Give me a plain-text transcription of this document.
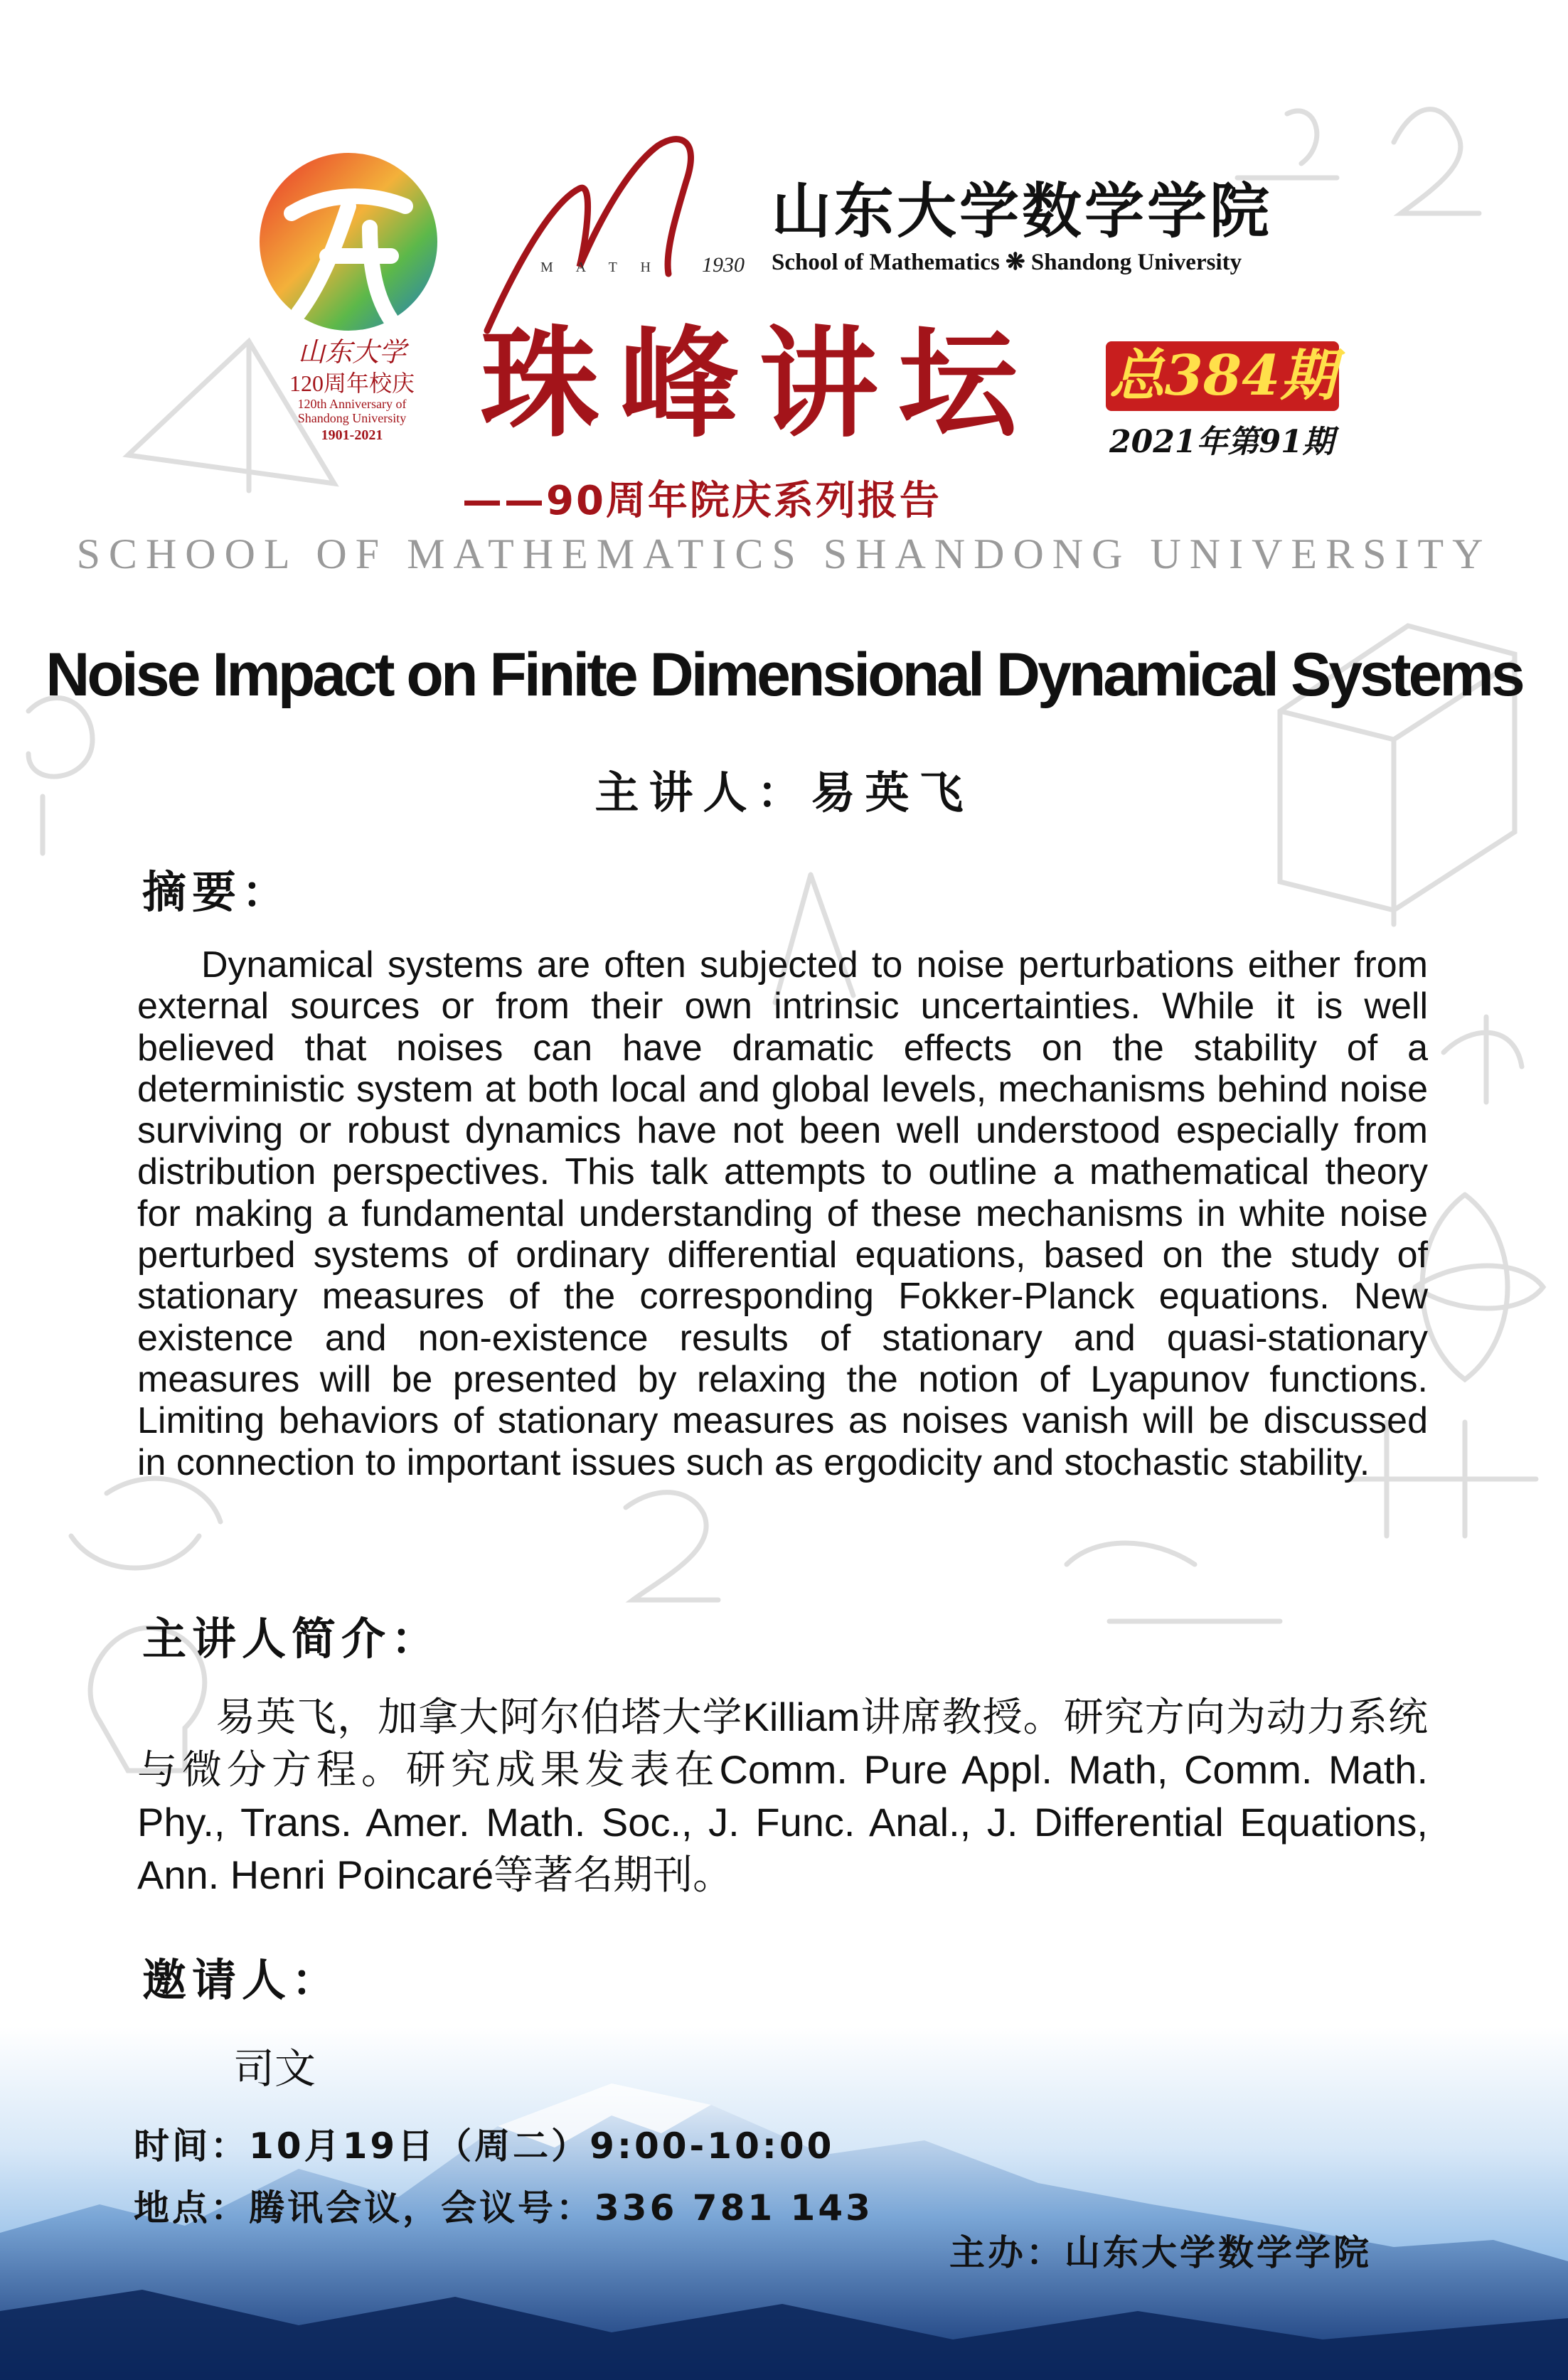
山东大学
120周年校庆
120th Anniversary of
Shandong University
1901-2021
M A T H 1930
山东大学数学学院
School of Mathematics ❋ Shandong University
珠峰讲坛 总384期
2021年第91期
——90周年院庆系列报告
SCHOOL OF MATHEMATICS SHANDONG UNIVERSITY
Noise Impact on Finite Dimensional Dynamical Systems
主讲人：易英飞
摘要：
Dynamical systems are often subjected to noise perturbations either from external sources or from their own intrinsic uncertainties. While it is well believed that noises can have dramatic effects on the stability of a deterministic system at both local and global levels, mechanisms behind noise surviving or robust dynamics have not been well understood especially from distribution perspectives. This talk attempts to outline a mathematical theory for making a fundamental understanding of these mechanisms in white noise perturbed systems of ordinary differential equations, based on the study of stationary measures of the corresponding Fokker-Planck equations. New existence and non-existence results of stationary and quasi-stationary measures will be presented by relaxing the notion of Lyapunov functions. Limiting behaviors of stationary measures as noises vanish will be discussed in connection to important issues such as ergodicity and stochastic stability.
主讲人简介：
易英飞，加拿大阿尔伯塔大学Killiam讲席教授。研究方向为动力系统与微分方程。研究成果发表在Comm. Pure Appl. Math, Comm. Math. Phy., Trans. Amer. Math. Soc., J. Func. Anal., J. Differential Equations, Ann. Henri Poincaré等著名期刊。
邀请人：
司文
时间：10月19日（周二）9:00-10:00
地点：腾讯会议，会议号：336 781 143
主办：山东大学数学学院
